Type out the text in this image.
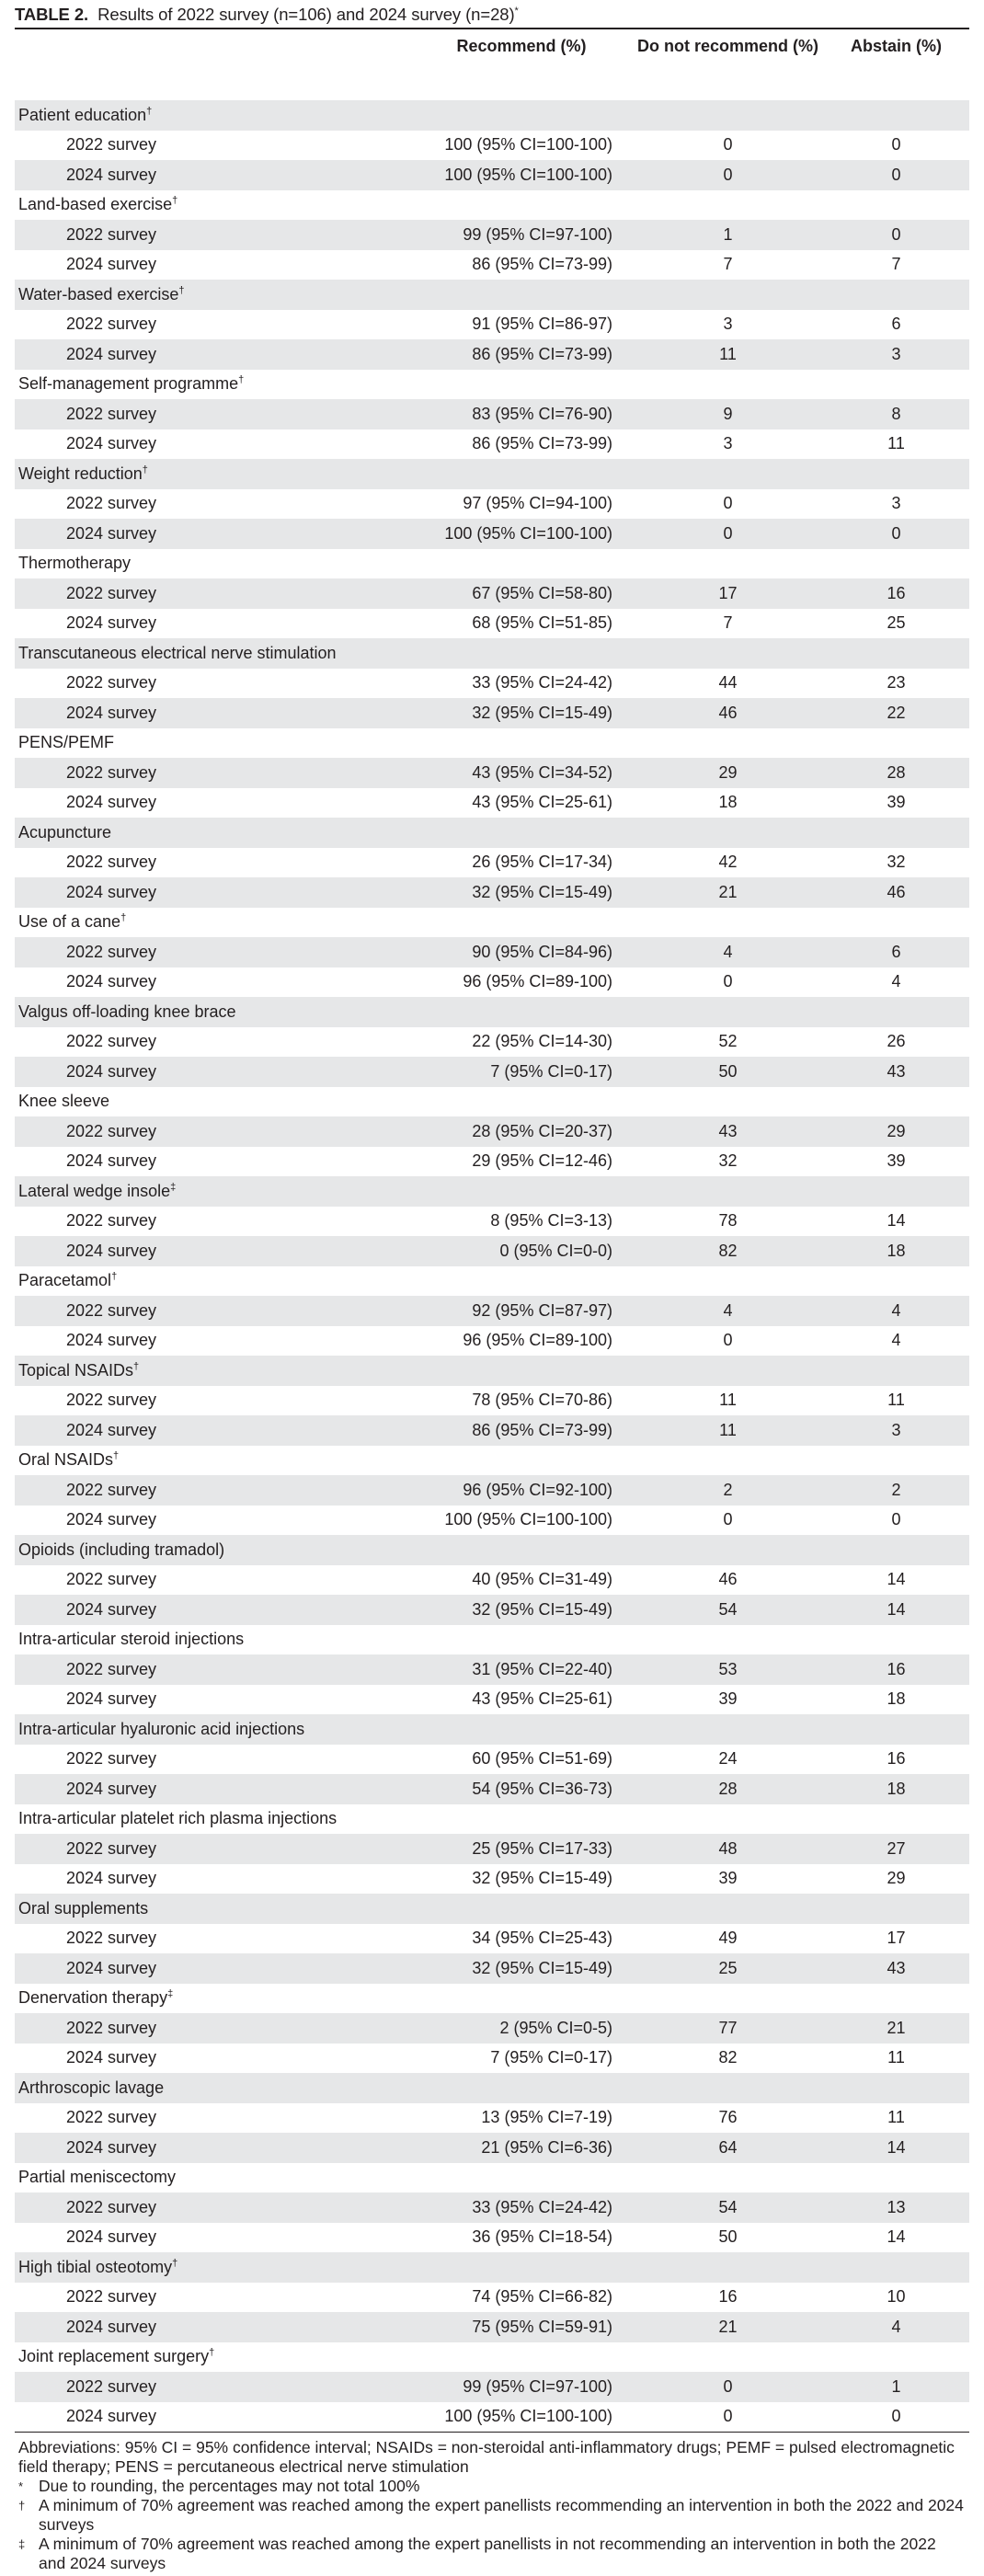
TABLE 2. Results of 2022 survey (n=106) and 2024 survey (n=28)*
	Recommend (%)	Do not recommend (%)	Abstain (%)
Patient education†
2022 survey	100 (95% CI=100-100)	0	0
2024 survey	100 (95% CI=100-100)	0	0
Land-based exercise†
2022 survey	99 (95% CI=97-100)	1	0
2024 survey	86 (95% CI=73-99)	7	7
Water-based exercise†
2022 survey	91 (95% CI=86-97)	3	6
2024 survey	86 (95% CI=73-99)	11	3
Self-management programme†
2022 survey	83 (95% CI=76-90)	9	8
2024 survey	86 (95% CI=73-99)	3	11
Weight reduction†
2022 survey	97 (95% CI=94-100)	0	3
2024 survey	100 (95% CI=100-100)	0	0
Thermotherapy			
2022 survey	67 (95% CI=58-80)	17	16
2024 survey	68 (95% CI=51-85)	7	25
Transcutaneous electrical nerve stimulation			
2022 survey	33 (95% CI=24-42)	44	23
2024 survey	32 (95% CI=15-49)	46	22
PENS/PEMF			
2022 survey	43 (95% CI=34-52)	29	28
2024 survey	43 (95% CI=25-61)	18	39
Acupuncture			
2022 survey	26 (95% CI=17-34)	42	32
2024 survey	32 (95% CI=15-49)	21	46
Use of a cane†
2022 survey	90 (95% CI=84-96)	4	6
2024 survey	96 (95% CI=89-100)	0	4
Valgus off-loading knee brace			
2022 survey	22 (95% CI=14-30)	52	26
2024 survey	7 (95% CI=0-17)	50	43
Knee sleeve			
2022 survey	28 (95% CI=20-37)	43	29
2024 survey	29 (95% CI=12-46)	32	39
Lateral wedge insole‡
2022 survey	8 (95% CI=3-13)	78	14
2024 survey	0 (95% CI=0-0)	82	18
Paracetamol†
2022 survey	92 (95% CI=87-97)	4	4
2024 survey	96 (95% CI=89-100)	0	4
Topical NSAIDs†
2022 survey	78 (95% CI=70-86)	11	11
2024 survey	86 (95% CI=73-99)	11	3
Oral NSAIDs†
2022 survey	96 (95% CI=92-100)	2	2
2024 survey	100 (95% CI=100-100)	0	0
Opioids (including tramadol)			
2022 survey	40 (95% CI=31-49)	46	14
2024 survey	32 (95% CI=15-49)	54	14
Intra-articular steroid injections			
2022 survey	31 (95% CI=22-40)	53	16
2024 survey	43 (95% CI=25-61)	39	18
Intra-articular hyaluronic acid injections			
2022 survey	60 (95% CI=51-69)	24	16
2024 survey	54 (95% CI=36-73)	28	18
Intra-articular platelet rich plasma injections			
2022 survey	25 (95% CI=17-33)	48	27
2024 survey	32 (95% CI=15-49)	39	29
Oral supplements			
2022 survey	34 (95% CI=25-43)	49	17
2024 survey	32 (95% CI=15-49)	25	43
Denervation therapy‡
2022 survey	2 (95% CI=0-5)	77	21
2024 survey	7 (95% CI=0-17)	82	11
Arthroscopic lavage			
2022 survey	13 (95% CI=7-19)	76	11
2024 survey	21 (95% CI=6-36)	64	14
Partial meniscectomy			
2022 survey	33 (95% CI=24-42)	54	13
2024 survey	36 (95% CI=18-54)	50	14
High tibial osteotomy†
2022 survey	74 (95% CI=66-82)	16	10
2024 survey	75 (95% CI=59-91)	21	4
Joint replacement surgery†
2022 survey	99 (95% CI=97-100)	0	1
2024 survey	100 (95% CI=100-100)	0	0

Abbreviations: 95% CI = 95% confidence interval; NSAIDs = non-steroidal anti-inflammatory drugs; PEMF = pulsed electromagnetic field therapy; PENS = percutaneous electrical nerve stimulation

* Due to rounding, the percentages may not total 100%
† A minimum of 70% agreement was reached among the expert panellists recommending an intervention in both the 2022 and 2024 surveys
‡ A minimum of 70% agreement was reached among the expert panellists in not recommending an intervention in both the 2022 and 2024 surveys
